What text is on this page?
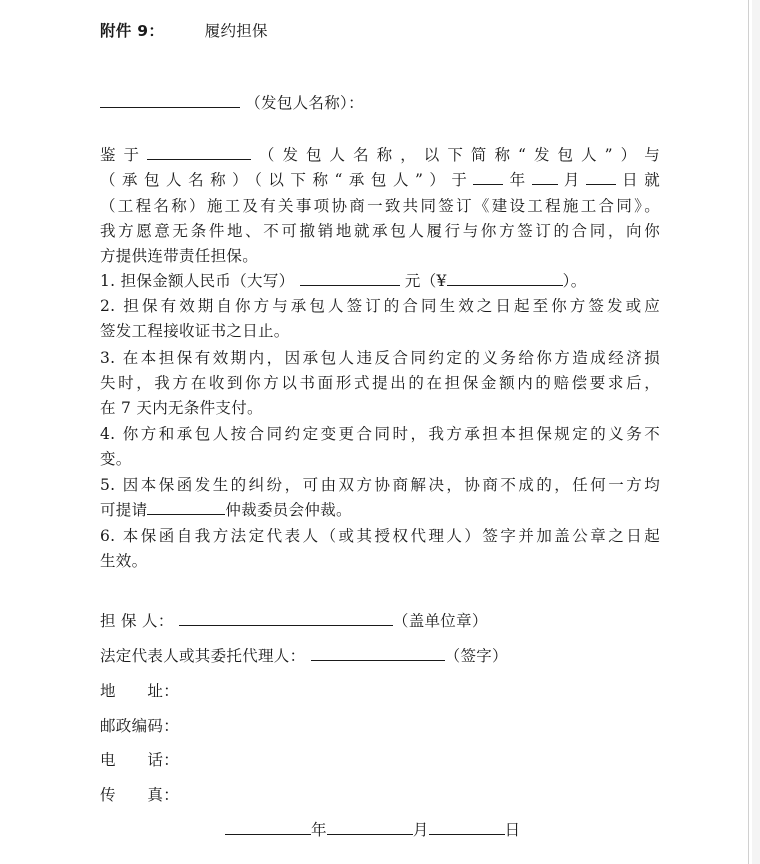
附件 9：	履约担保
（发包人名称）：
鉴于	（发包人名称，以下简称“发包人”）与
（承包人名称）（以下称“承包人”）于 年 月 日就
（工程名称）施工及有关事项协商一致共同签订《建设工程施工合同》。
我方愿意无条件地、不可撤销地就承包人履行与你方签订的合同，向你
方提供连带责任担保。
1. 担保金额人民币（大写）	元（¥	）。
2. 担保有效期自你方与承包人签订的合同生效之日起至你方签发或应
签发工程接收证书之日止。
3. 在本担保有效期内，因承包人违反合同约定的义务给你方造成经济损
失时，我方在收到你方以书面形式提出的在担保金额内的赔偿要求后，
在 7 天内无条件支付。
4. 你方和承包人按合同约定变更合同时，我方承担本担保规定的义务不
变。
5. 因本保函发生的纠纷，可由双方协商解决，协商不成的，任何一方均
可提请	仲裁委员会仲裁。
6. 本保函自我方法定代表人（或其授权代理人）签字并加盖公章之日起
生效。
担 保 人：	（盖单位章）
法定代表人或其委托代理人：	（签字）
地　　址：
邮政编码：
电　　话：
传　　真：
年	月	日
